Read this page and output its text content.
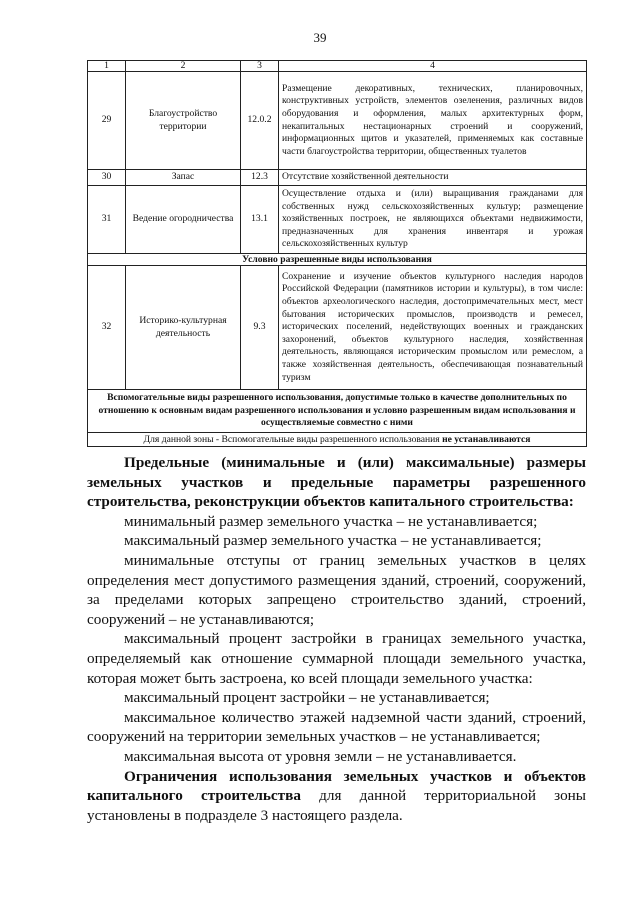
39
1	2	3	4
29	Благоустройство территории	12.0.2	Размещение декоративных, технических, планировочных, конструктивных устройств, элементов озеленения, различных видов оборудования и оформления, малых архитектурных форм, некапитальных нестационарных строений и сооружений, информационных щитов и указателей, применяемых как составные части благоустройства территории, общественных туалетов
30	Запас	12.3	Отсутствие хозяйственной деятельности
31	Ведение огородничества	13.1	Осуществление отдыха и (или) выращивания гражданами для собственных нужд сельскохозяйственных культур; размещение хозяйственных построек, не являющихся объектами недвижимости, предназначенных для хранения инвентаря и урожая сельскохозяйственных культур
Условно разрешенные виды использования			
32	Историко-культурная деятельность	9.3	Сохранение и изучение объектов культурного наследия народов Российской Федерации (памятников истории и культуры), в том числе: объектов археологического наследия, достопримечательных мест, мест бытования исторических промыслов, производств и ремесел, исторических поселений, недействующих военных и гражданских захоронений, объектов культурного наследия, хозяйственная деятельность, являющаяся историческим промыслом или ремеслом, а также хозяйственная деятельность, обеспечивающая познавательный туризм
Вспомогательные виды разрешенного использования, допустимые только в качестве дополнительных по отношению к основным видам разрешенного использования и условно разрешенным видам использования и осуществляемые совместно с ними			
Для данной зоны - Вспомогательные виды разрешенного использования не устанавливаются			

Предельные (минимальные и (или) максимальные) размеры земельных участков и предельные параметры разрешенного строительства, реконструкции объектов капитального строительства:

минимальный размер земельного участка – не устанавливается;

максимальный размер земельного участка – не устанавливается;

минимальные отступы от границ земельных участков в целях определения мест допустимого размещения зданий, строений, сооружений, за пределами которых запрещено строительство зданий, строений, сооружений – не устанавливаются;

максимальный процент застройки в границах земельного участка, определяемый как отношение суммарной площади земельного участка, которая может быть застроена, ко всей площади земельного участка:

максимальный процент застройки – не устанавливается;

максимальное количество этажей надземной части зданий, строений, сооружений на территории земельных участков – не устанавливается;

максимальная высота от уровня земли – не устанавливается.

Ограничения использования земельных участков и объектов капитального строительства для данной территориальной зоны установлены в подразделе 3 настоящего раздела.
